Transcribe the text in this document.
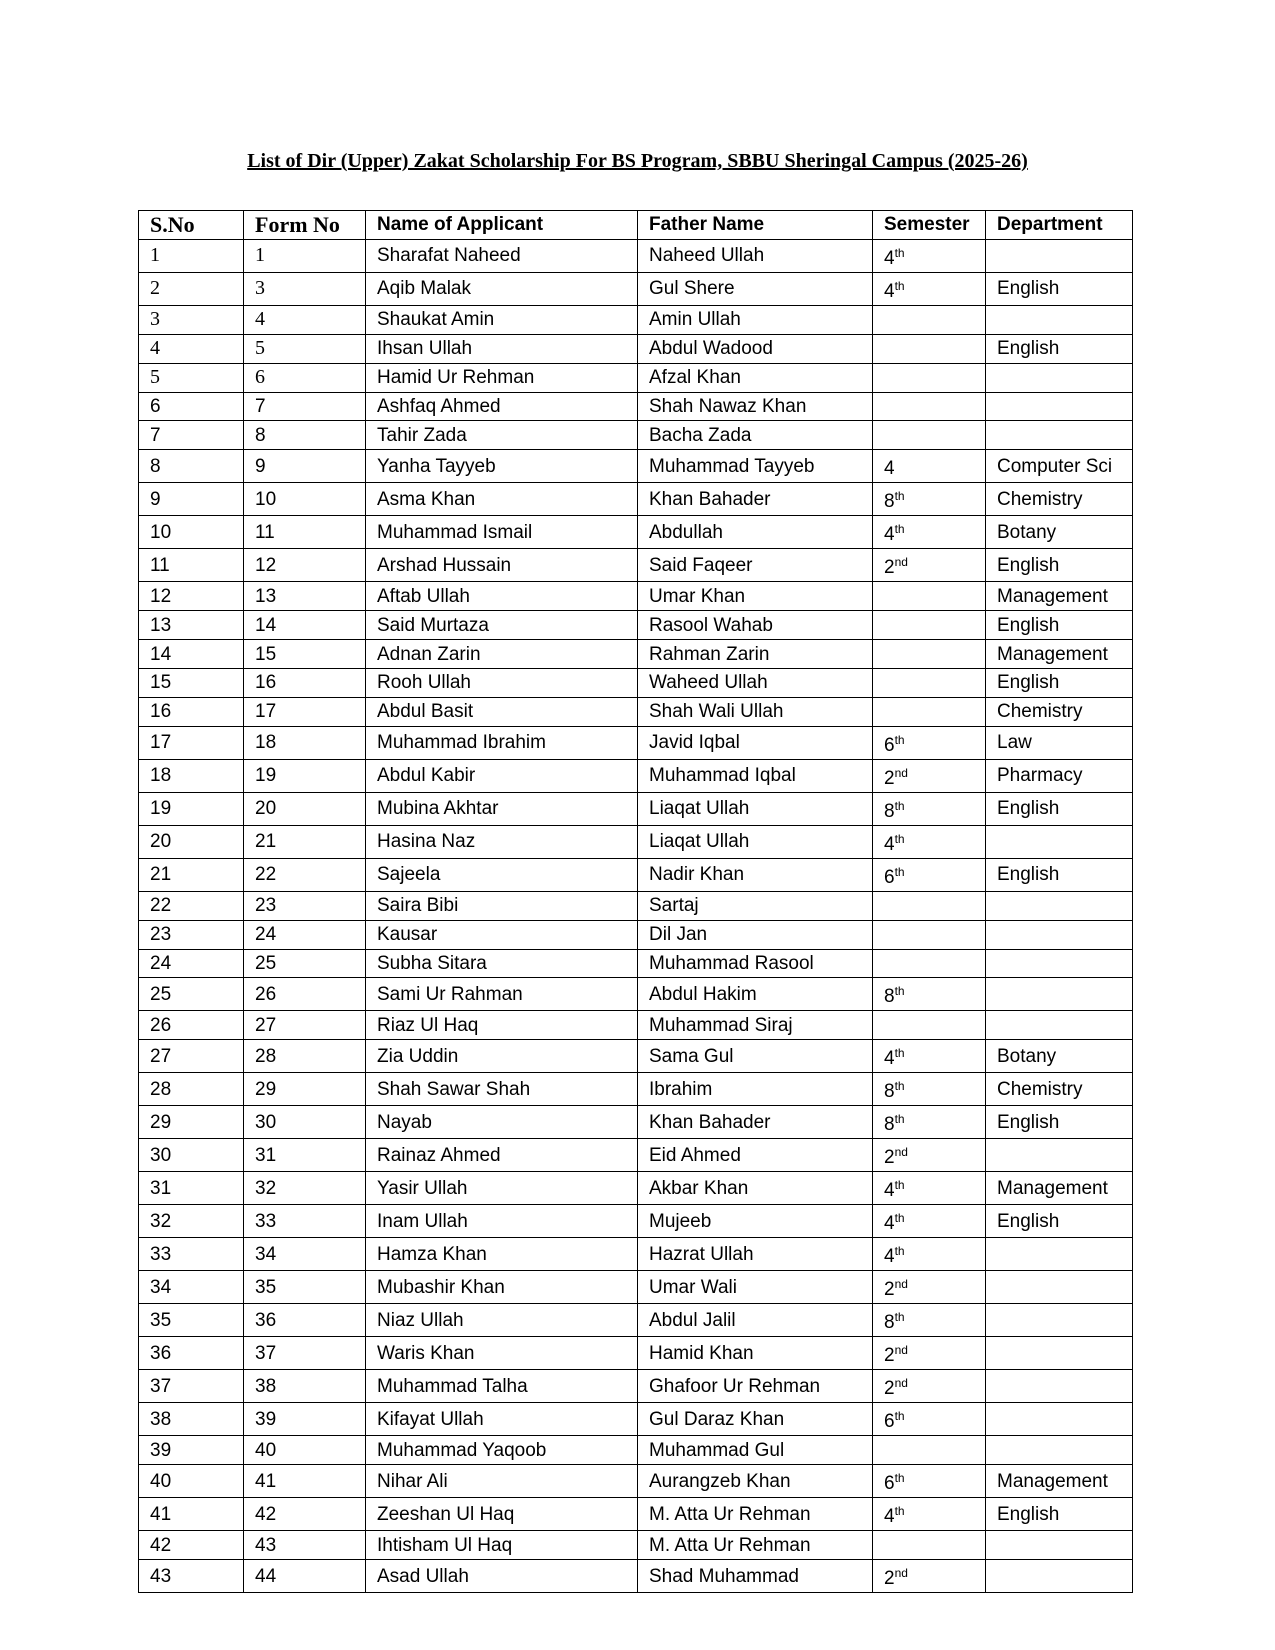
List of Dir (Upper) Zakat Scholarship For BS Program, SBBU Sheringal Campus (2025-26)
S.No	Form No	Name of Applicant	Father Name	Semester	Department
1	1	Sharafat Naheed	Naheed Ullah	4th	
2	3	Aqib Malak	Gul Shere	4th	English
3	4	Shaukat Amin	Amin Ullah		
4	5	Ihsan Ullah	Abdul Wadood		English
5	6	Hamid Ur Rehman	Afzal Khan		
6	7	Ashfaq Ahmed	Shah Nawaz Khan		
7	8	Tahir Zada	Bacha Zada		
8	9	Yanha Tayyeb	Muhammad Tayyeb	4	Computer Sci
9	10	Asma Khan	Khan Bahader	8th	Chemistry
10	11	Muhammad Ismail	Abdullah	4th	Botany
11	12	Arshad Hussain	Said Faqeer	2nd	English
12	13	Aftab Ullah	Umar Khan		Management
13	14	Said Murtaza	Rasool Wahab		English
14	15	Adnan Zarin	Rahman Zarin		Management
15	16	Rooh Ullah	Waheed Ullah		English
16	17	Abdul Basit	Shah Wali Ullah		Chemistry
17	18	Muhammad Ibrahim	Javid Iqbal	6th	Law
18	19	Abdul Kabir	Muhammad Iqbal	2nd	Pharmacy
19	20	Mubina Akhtar	Liaqat Ullah	8th	English
20	21	Hasina Naz	Liaqat Ullah	4th	
21	22	Sajeela	Nadir Khan	6th	English
22	23	Saira Bibi	Sartaj		
23	24	Kausar	Dil Jan		
24	25	Subha Sitara	Muhammad Rasool		
25	26	Sami Ur Rahman	Abdul Hakim	8th	
26	27	Riaz Ul Haq	Muhammad Siraj		
27	28	Zia Uddin	Sama Gul	4th	Botany
28	29	Shah Sawar Shah	Ibrahim	8th	Chemistry
29	30	Nayab	Khan Bahader	8th	English
30	31	Rainaz Ahmed	Eid Ahmed	2nd	
31	32	Yasir Ullah	Akbar Khan	4th	Management
32	33	Inam Ullah	Mujeeb	4th	English
33	34	Hamza Khan	Hazrat Ullah	4th	
34	35	Mubashir Khan	Umar Wali	2nd	
35	36	Niaz Ullah	Abdul Jalil	8th	
36	37	Waris Khan	Hamid Khan	2nd	
37	38	Muhammad Talha	Ghafoor Ur Rehman	2nd	
38	39	Kifayat Ullah	Gul Daraz Khan	6th	
39	40	Muhammad Yaqoob	Muhammad Gul		
40	41	Nihar Ali	Aurangzeb Khan	6th	Management
41	42	Zeeshan Ul Haq	M. Atta Ur Rehman	4th	English
42	43	Ihtisham Ul Haq	M. Atta Ur Rehman		
43	44	Asad Ullah	Shad Muhammad	2nd	
